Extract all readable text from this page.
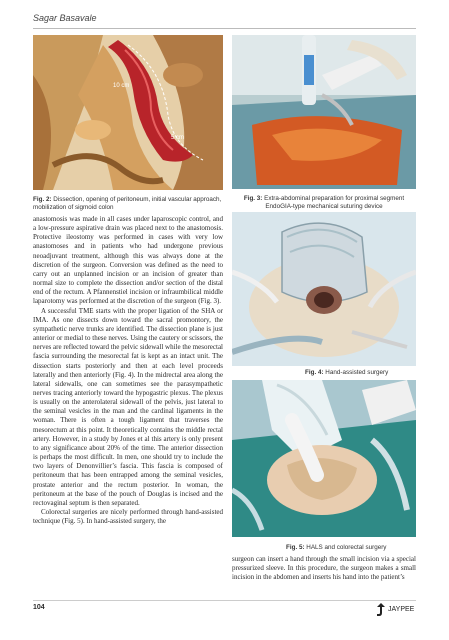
Sagar Basavale
10 cm
5 cm
Fig. 2: Dissection, opening of peritoneum, initial vascular approach, mobilization of sigmoid colon
Fig. 3: Extra-abdominal preparation for proximal segment
EndoGIA-type mechanical suturing device
Fig. 4: Hand-assisted surgery
Fig. 5: HALS and colorectal surgery

anastomosis was made in all cases under laparoscopic control, and a low-pressure aspirative drain was placed next to the anastomosis. Protective ileostomy was performed in cases with very low anastomoses and in patients who had undergone previous neoadjuvant treatment, although this was always done at the discretion of the surgeon. Conversion was defined as the need to carry out an unplanned incision or an incision of greater than normal size to complete the dissection and/or section of the distal end of the rectum. A Pfannenstiel incision or infraumbilical middle laparotomy was performed at the discretion of the surgeon (Fig. 3).

A successful TME starts with the proper ligation of the SHA or IMA. As one dissects down toward the sacral promontory, the sympathetic nerve trunks are identified. The dissection plane is just anterior or medial to these nerves. Using the cautery or scissors, the nerves are reflected toward the pelvic sidewall while the mesorectal fascia surrounding the mesorectal fat is kept as an intact unit. The dissection starts posteriorly and then at each level proceeds laterally and then anteriorly (Fig. 4). In the midrectal area along the lateral sidewalls, one can sometimes see the parasympathetic nerves tracing anteriorly toward the hypogastric plexus. The plexus is usually on the anterolateral sidewall of the pelvis, just lateral to the seminal vesicles in the man and the cardinal ligaments in the woman. There is often a tough ligament that traverses the mesorectum at this point. It theoretically contains the middle rectal artery. However, in a study by Jones et al this artery is only present to any significance about 20% of the time. The anterior dissection is perhaps the most difficult. In men, one should try to include the two layers of Denonvillier’s fascia. This fascia is composed of peritoneum that has been entrapped among the seminal vesicles, prostate anterior and the rectum posterior. In woman, the peritoneum at the base of the pouch of Douglas is incised and the rectovaginal septum is then separated.

Colorectal surgeries are nicely performed through hand-assisted technique (Fig. 5). In hand-assisted surgery, the

surgeon can insert a hand through the small incision via a special pressurized sleeve. In this procedure, the surgeon makes a small incision in the abdomen and inserts his hand into the patient’s
104	JAYPEE
